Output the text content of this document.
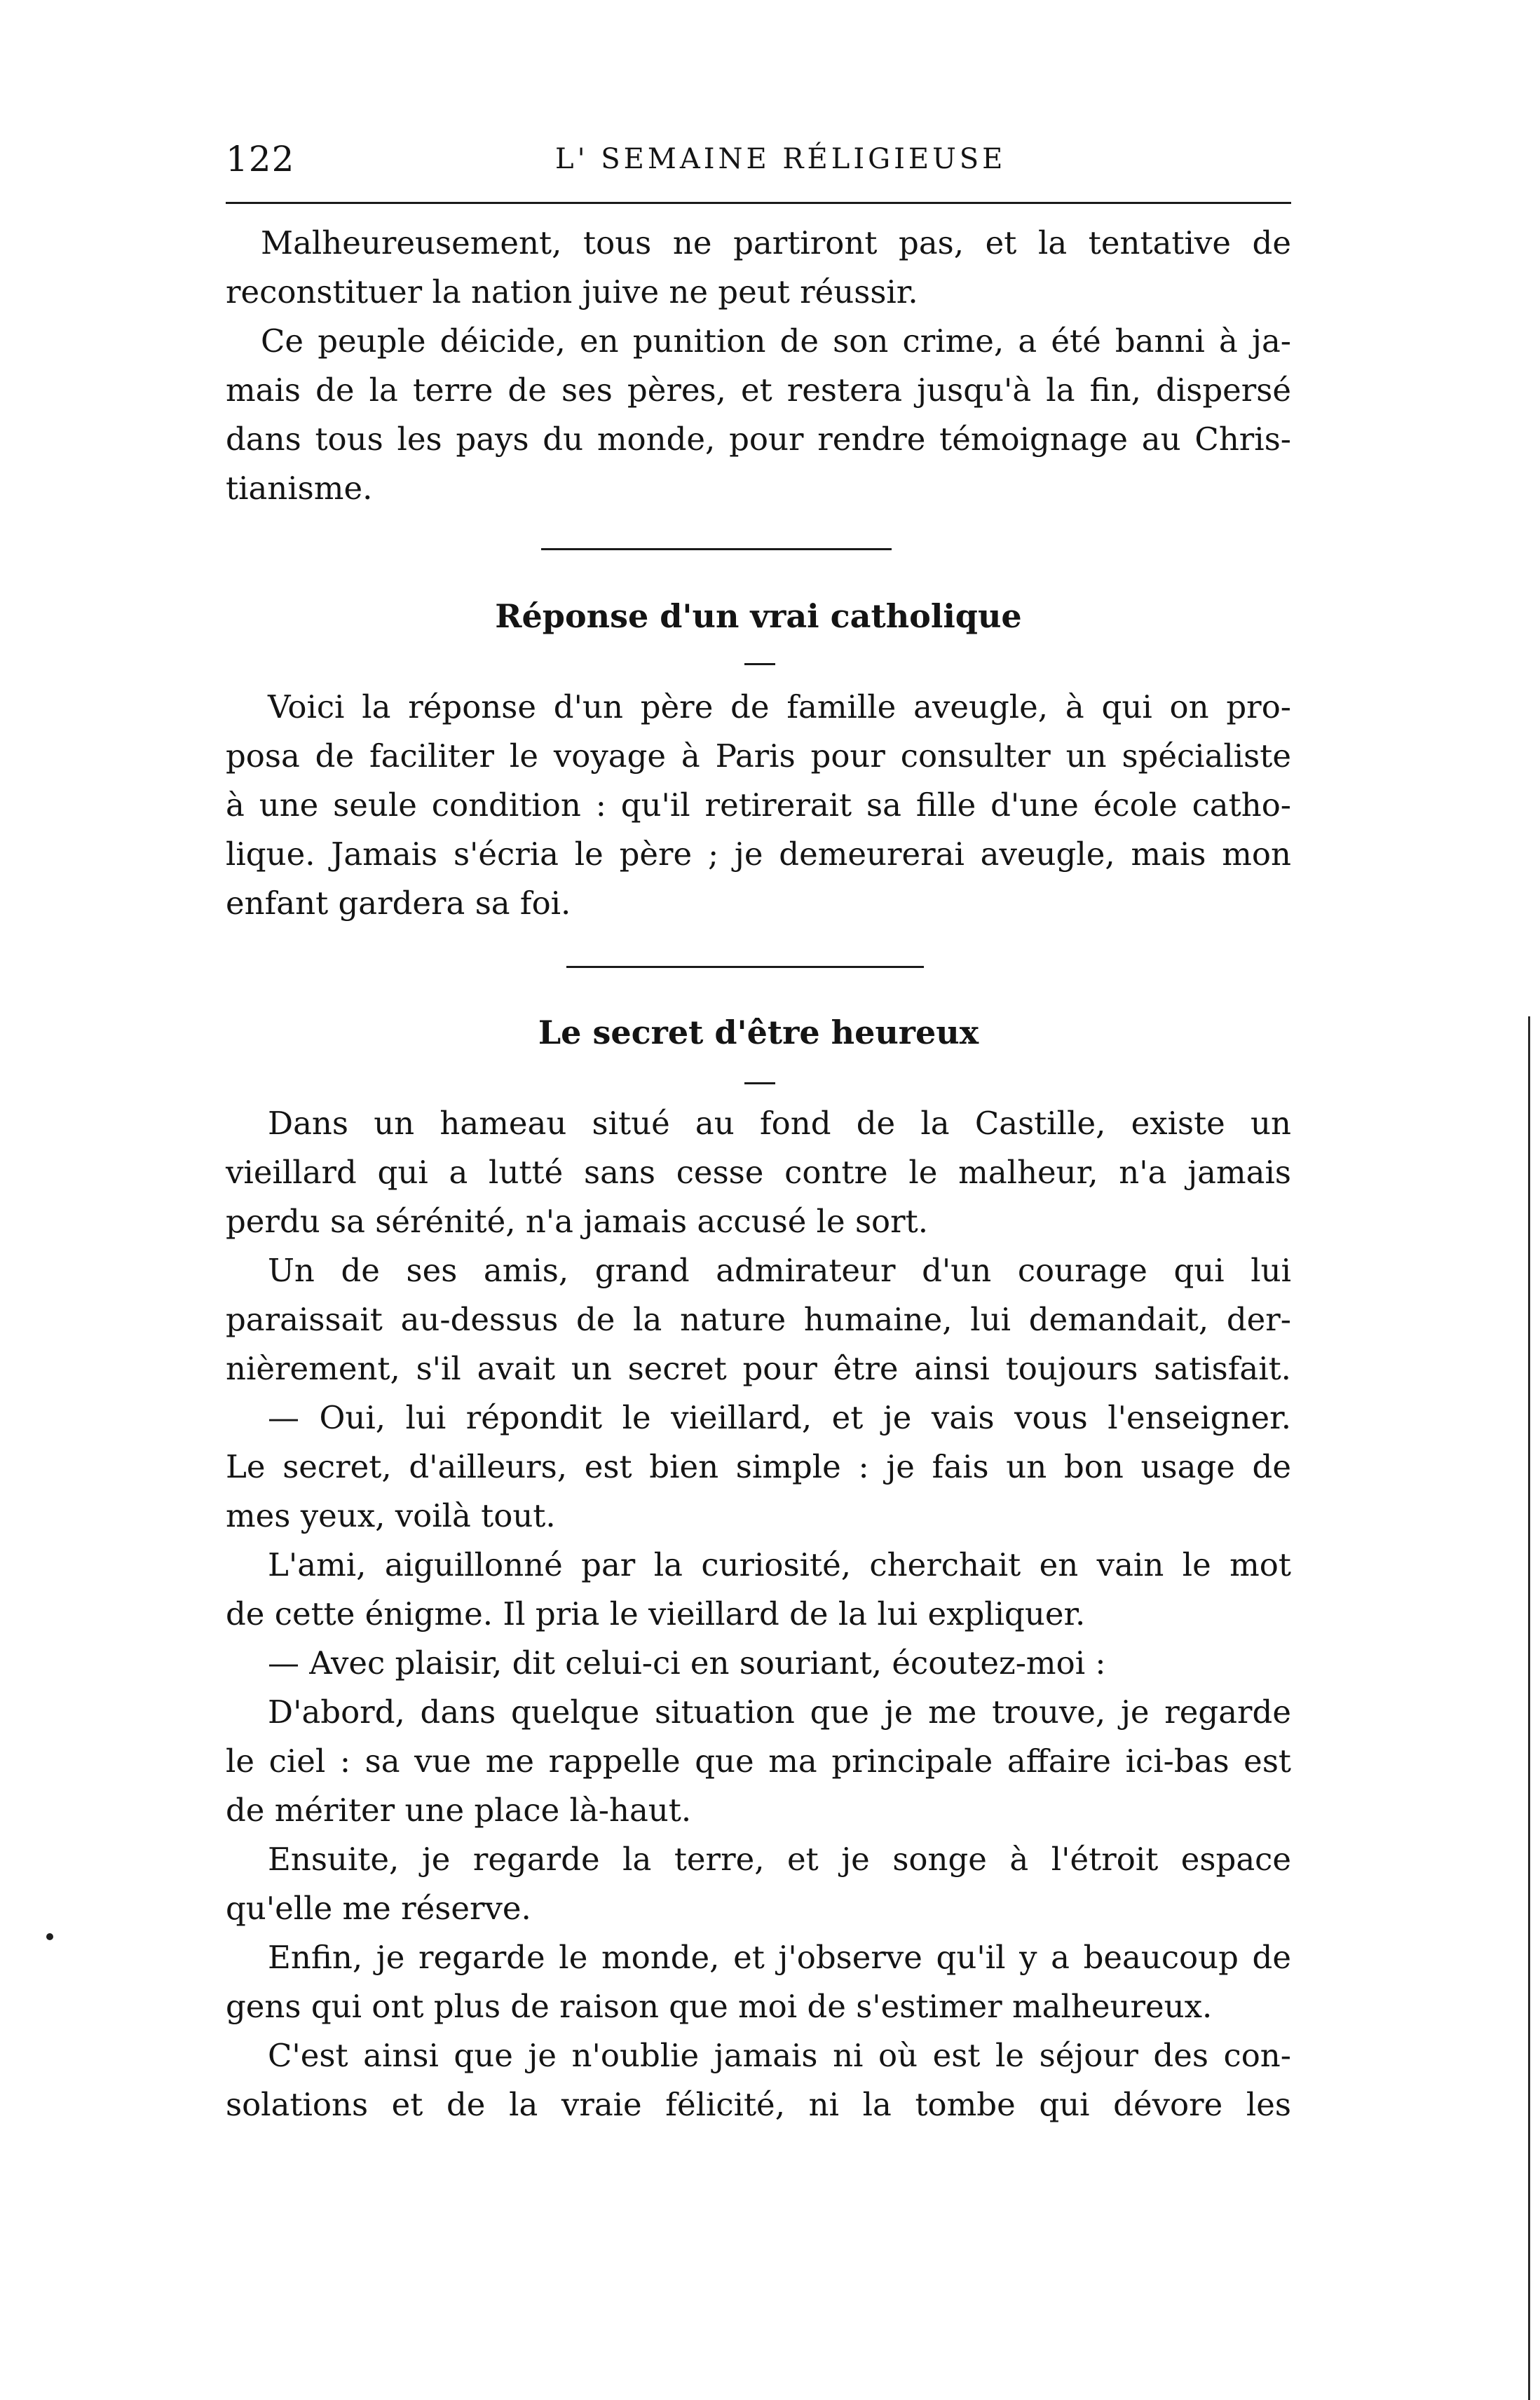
122	L' SEMAINE RÉLIGIEUSE
Malheureusement, tous ne partiront pas, et la tentative de
reconstituer la nation juive ne peut réussir.
Ce peuple déicide, en punition de son crime, a été banni à ja-
mais de la terre de ses pères, et restera jusqu'à la fin, dispersé
dans tous les pays du monde, pour rendre témoignage au Chris-
tianisme.
Réponse d'un vrai catholique
Voici la réponse d'un père de famille aveugle, à qui on pro-
posa de faciliter le voyage à Paris pour consulter un spécialiste
à une seule condition : qu'il retirerait sa fille d'une école catho-
lique. Jamais s'écria le père ; je demeurerai aveugle, mais mon
enfant gardera sa foi.
Le secret d'être heureux
Dans un hameau situé au fond de la Castille, existe un
vieillard qui a lutté sans cesse contre le malheur, n'a jamais
perdu sa sérénité, n'a jamais accusé le sort.
Un de ses amis, grand admirateur d'un courage qui lui
paraissait au-dessus de la nature humaine, lui demandait, der-
nièrement, s'il avait un secret pour être ainsi toujours satisfait.
— Oui, lui répondit le vieillard, et je vais vous l'enseigner.
Le secret, d'ailleurs, est bien simple : je fais un bon usage de
mes yeux, voilà tout.
L'ami, aiguillonné par la curiosité, cherchait en vain le mot
de cette énigme. Il pria le vieillard de la lui expliquer.
— Avec plaisir, dit celui-ci en souriant, écoutez-moi :
D'abord, dans quelque situation que je me trouve, je regarde
le ciel : sa vue me rappelle que ma principale affaire ici-bas est
de mériter une place là-haut.
Ensuite, je regarde la terre, et je songe à l'étroit espace
qu'elle me réserve.
Enfin, je regarde le monde, et j'observe qu'il y a beaucoup de
gens qui ont plus de raison que moi de s'estimer malheureux.
C'est ainsi que je n'oublie jamais ni où est le séjour des con-
solations et de la vraie félicité, ni la tombe qui dévore les
